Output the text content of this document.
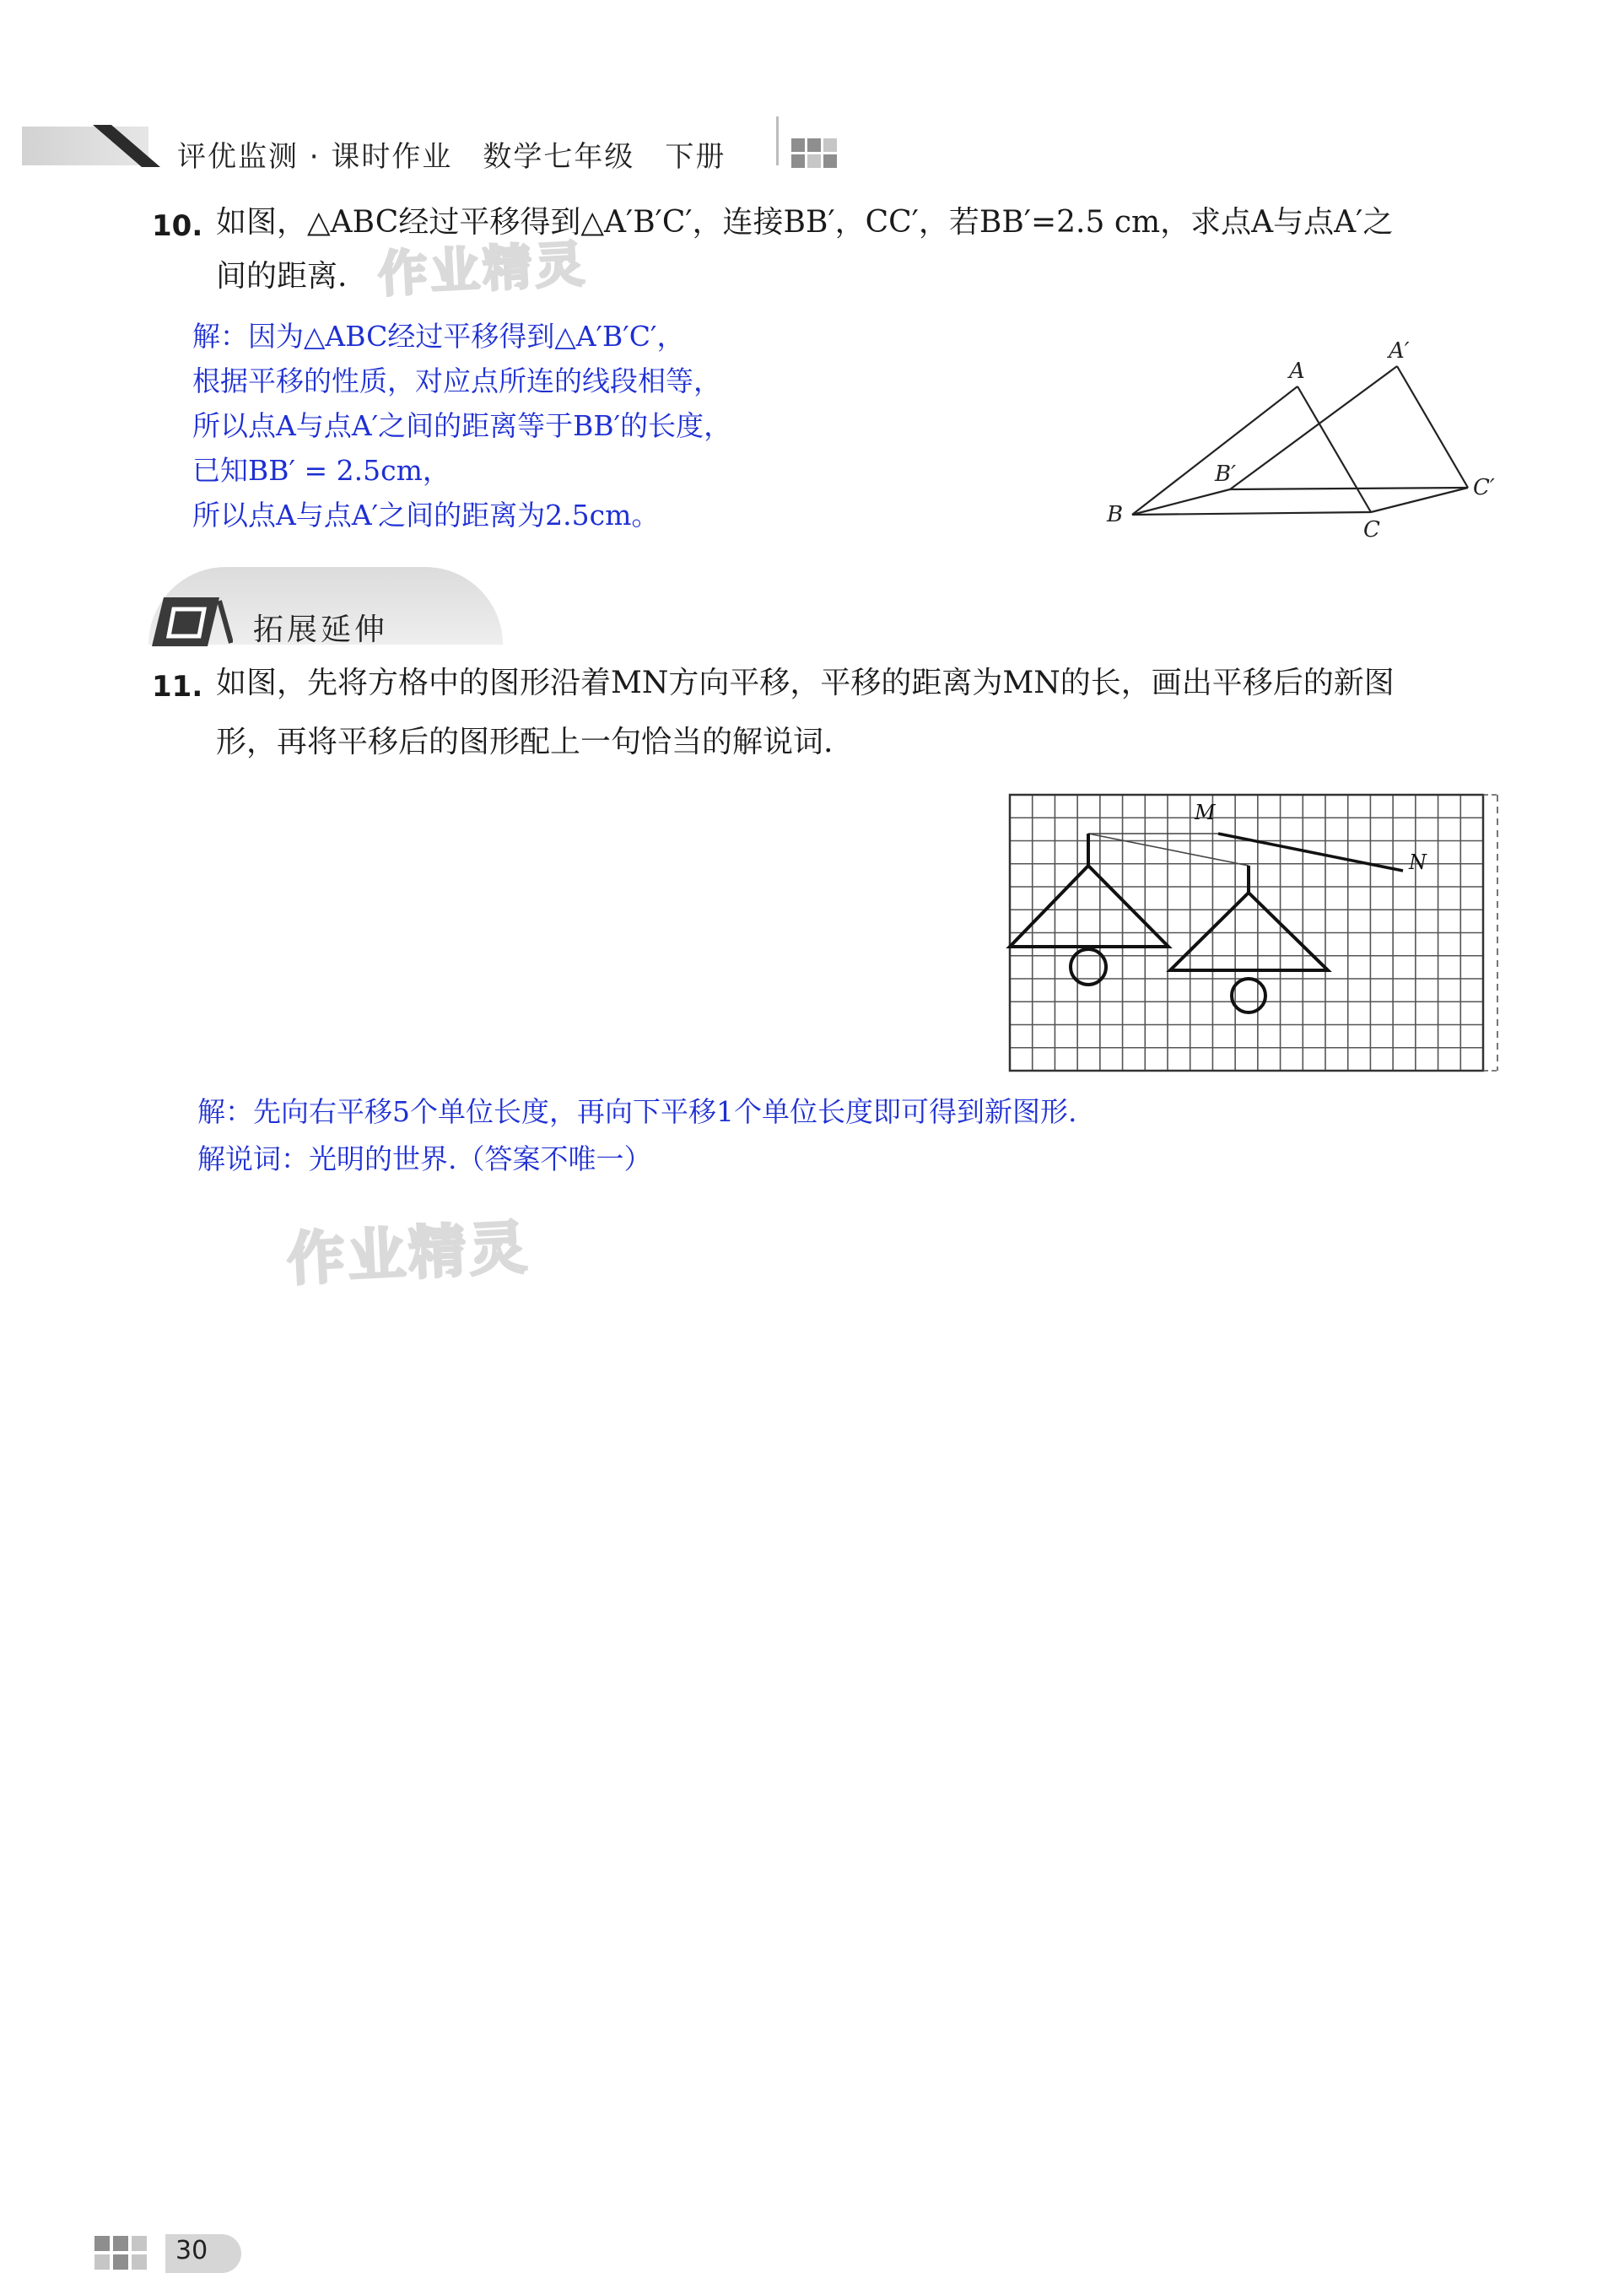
评优监测 · 课时作业　数学七年级　下册
10. 如图，△ABC经过平移得到△A′B′C′，连接BB′，CC′，若BB′=2.5 cm，求点A与点A′之
间的距离.
解：因为△ABC经过平移得到△A′B′C′，
根据平移的性质，对应点所连的线段相等，
所以点A与点A′之间的距离等于BB′的长度，
已知BB′ = 2.5cm，
所以点A与点A′之间的距离为2.5cm。
A
A′
B
B′
C
C′
拓展延伸
11. 如图，先将方格中的图形沿着MN方向平移，平移的距离为MN的长，画出平移后的新图
形，再将平移后的图形配上一句恰当的解说词.
M
N
解：先向右平移5个单位长度，再向下平移1个单位长度即可得到新图形.
解说词：光明的世界.（答案不唯一）
作业精灵
作业精灵
30
